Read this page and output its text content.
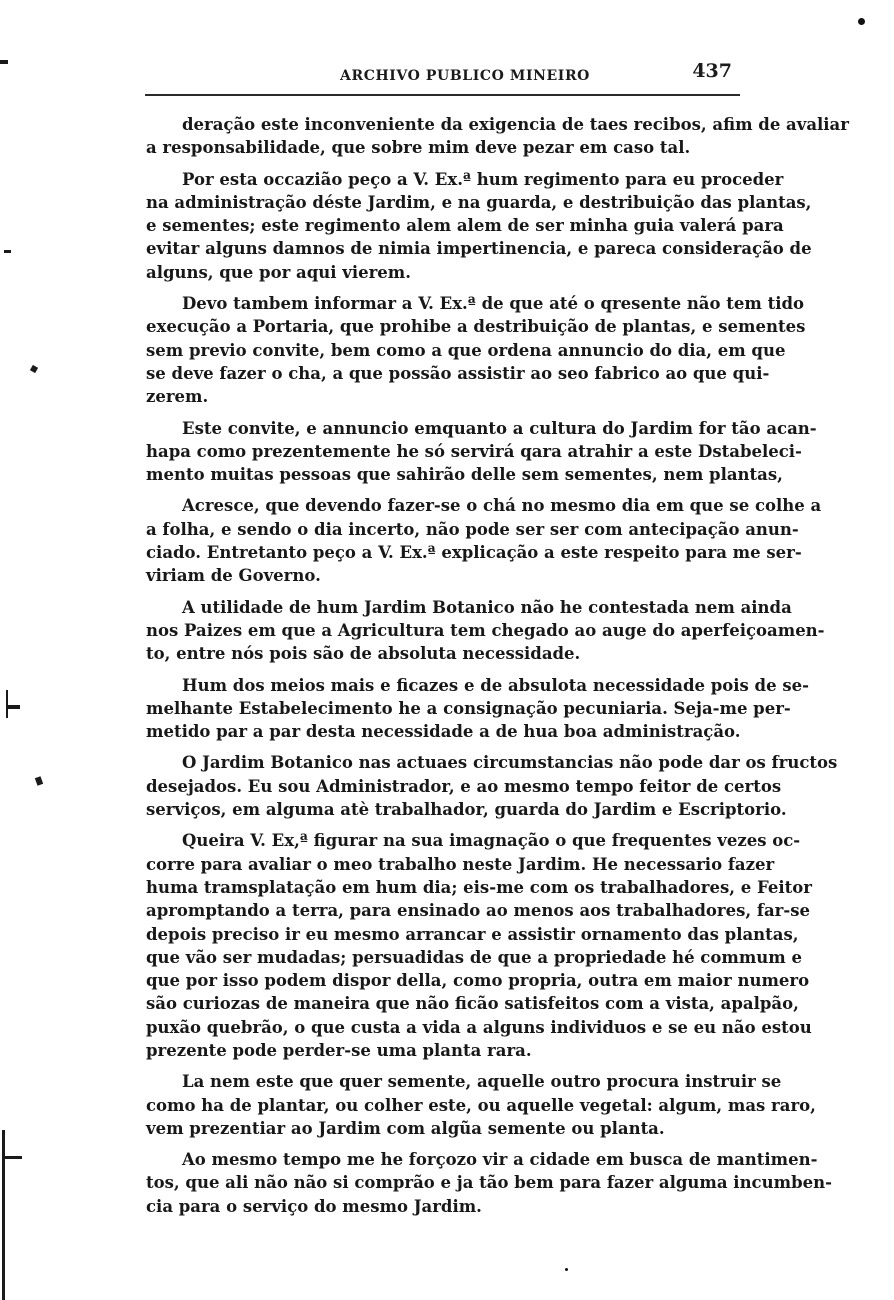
ARCHIVO PUBLICO MINEIRO	437
deração este inconveniente da exigencia de taes recibos, afim de avaliar
a responsabilidade, que sobre mim deve pezar em caso tal.
Por esta occazião peço a V. Ex.ª hum regimento para eu proceder
na administração déste Jardim, e na guarda, e destribuição das plantas,
e sementes; este regimento alem alem de ser minha guia valerá para
evitar alguns damnos de nimia impertinencia, e pareca consideração de
alguns, que por aqui vierem.
Devo tambem informar a V. Ex.ª de que até o qresente não tem tido
execução a Portaria, que prohibe a destribuição de plantas, e sementes
sem previo convite, bem como a que ordena annuncio do dia, em que
se deve fazer o cha, a que possão assistir ao seo fabrico ao que qui-
zerem.
Este convite, e annuncio emquanto a cultura do Jardim for tão acan-
hapa como prezentemente he só servirá qara atrahir a este Dstabeleci-
mento muitas pessoas que sahirão delle sem sementes, nem plantas,
Acresce, que devendo fazer-se o chá no mesmo dia em que se colhe a
a folha, e sendo o dia incerto, não pode ser ser com antecipação anun-
ciado. Entretanto peço a V. Ex.ª explicação a este respeito para me ser-
viriam de Governo.
A utilidade de hum Jardim Botanico não he contestada nem ainda
nos Paizes em que a Agricultura tem chegado ao auge do aperfeiçoamen-
to, entre nós pois são de absoluta necessidade.
Hum dos meios mais e ficazes e de absulota necessidade pois de se-
melhante Estabelecimento he a consignação pecuniaria. Seja-me per-
metido par a par desta necessidade a de hua boa administração.
O Jardim Botanico nas actuaes circumstancias não pode dar os fructos
desejados. Eu sou Administrador, e ao mesmo tempo feitor de certos
serviços, em alguma atè trabalhador, guarda do Jardim e Escriptorio.
Queira V. Ex,ª figurar na sua imagnação o que frequentes vezes oc-
corre para avaliar o meo trabalho neste Jardim. He necessario fazer
huma tramsplatação em hum dia; eis-me com os trabalhadores, e Feitor
apromptando a terra, para ensinado ao menos aos trabalhadores, far-se
depois preciso ir eu mesmo arrancar e assistir ornamento das plantas,
que vão ser mudadas; persuadidas de que a propriedade hé commum e
que por isso podem dispor della, como propria, outra em maior numero
são curiozas de maneira que não ficão satisfeitos com a vista, apalpão,
puxão quebrão, o que custa a vida a alguns individuos e se eu não estou
prezente pode perder-se uma planta rara.
La nem este que quer semente, aquelle outro procura instruir se
como ha de plantar, ou colher este, ou aquelle vegetal: algum, mas raro,
vem prezentiar ao Jardim com algũa semente ou planta.
Ao mesmo tempo me he forçozo vir a cidade em busca de mantimen-
tos, que ali não não si comprão e ja tão bem para fazer alguma incumben-
cia para o serviço do mesmo Jardim.
